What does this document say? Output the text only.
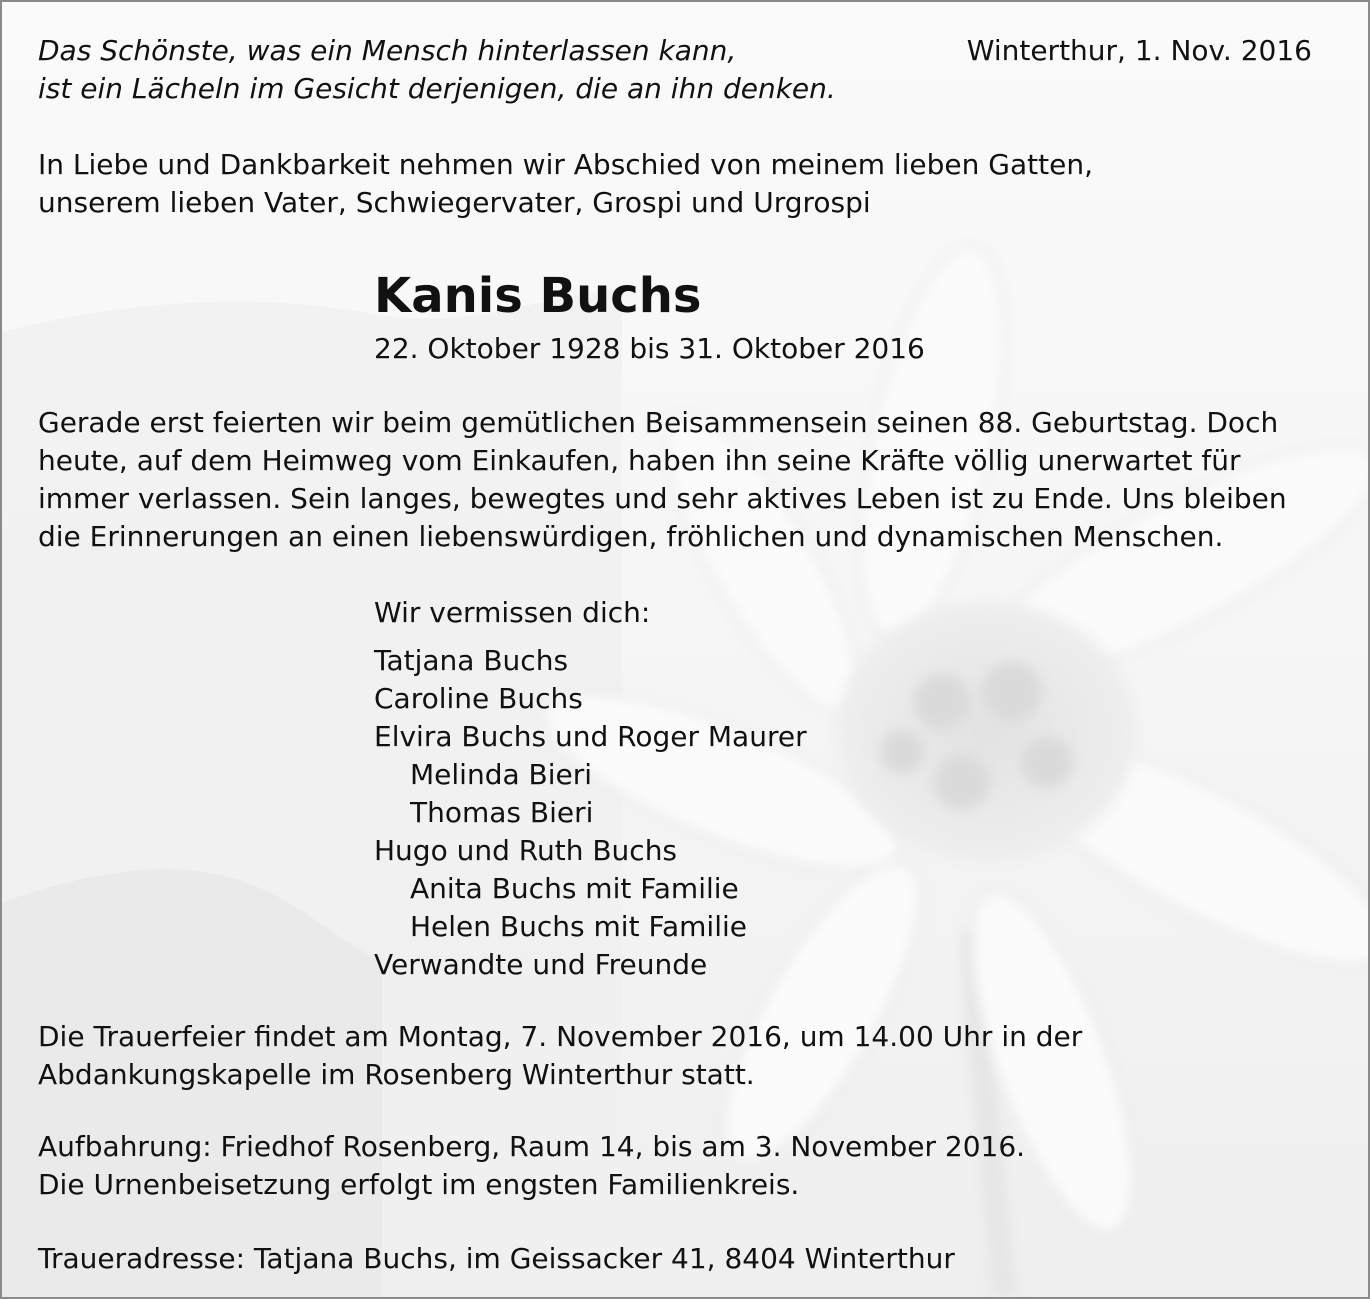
Das Schönste, was ein Mensch hinterlassen kann,
ist ein Lächeln im Gesicht derjenigen, die an ihn denken.
Winterthur, 1. Nov. 2016
In Liebe und Dankbarkeit nehmen wir Abschied von meinem lieben Gatten,
unserem lieben Vater, Schwiegervater, Grospi und Urgrospi
Kanis Buchs
22. Oktober 1928 bis 31. Oktober 2016
Gerade erst feierten wir beim gemütlichen Beisammensein seinen 88. Geburtstag. Doch
heute, auf dem Heimweg vom Einkaufen, haben ihn seine Kräfte völlig unerwartet für
immer verlassen. Sein langes, bewegtes und sehr aktives Leben ist zu Ende. Uns bleiben
die Erinnerungen an einen liebenswürdigen, fröhlichen und dynamischen Menschen.
Wir vermissen dich:
Tatjana Buchs
Caroline Buchs
Elvira Buchs und Roger Maurer
Melinda Bieri
Thomas Bieri
Hugo und Ruth Buchs
Anita Buchs mit Familie
Helen Buchs mit Familie
Verwandte und Freunde
Die Trauerfeier findet am Montag, 7. November 2016, um 14.00 Uhr in der
Abdankungskapelle im Rosenberg Winterthur statt.
Aufbahrung: Friedhof Rosenberg, Raum 14, bis am 3. November 2016.
Die Urnenbeisetzung erfolgt im engsten Familienkreis.
Traueradresse: Tatjana Buchs, im Geissacker 41, 8404 Winterthur
